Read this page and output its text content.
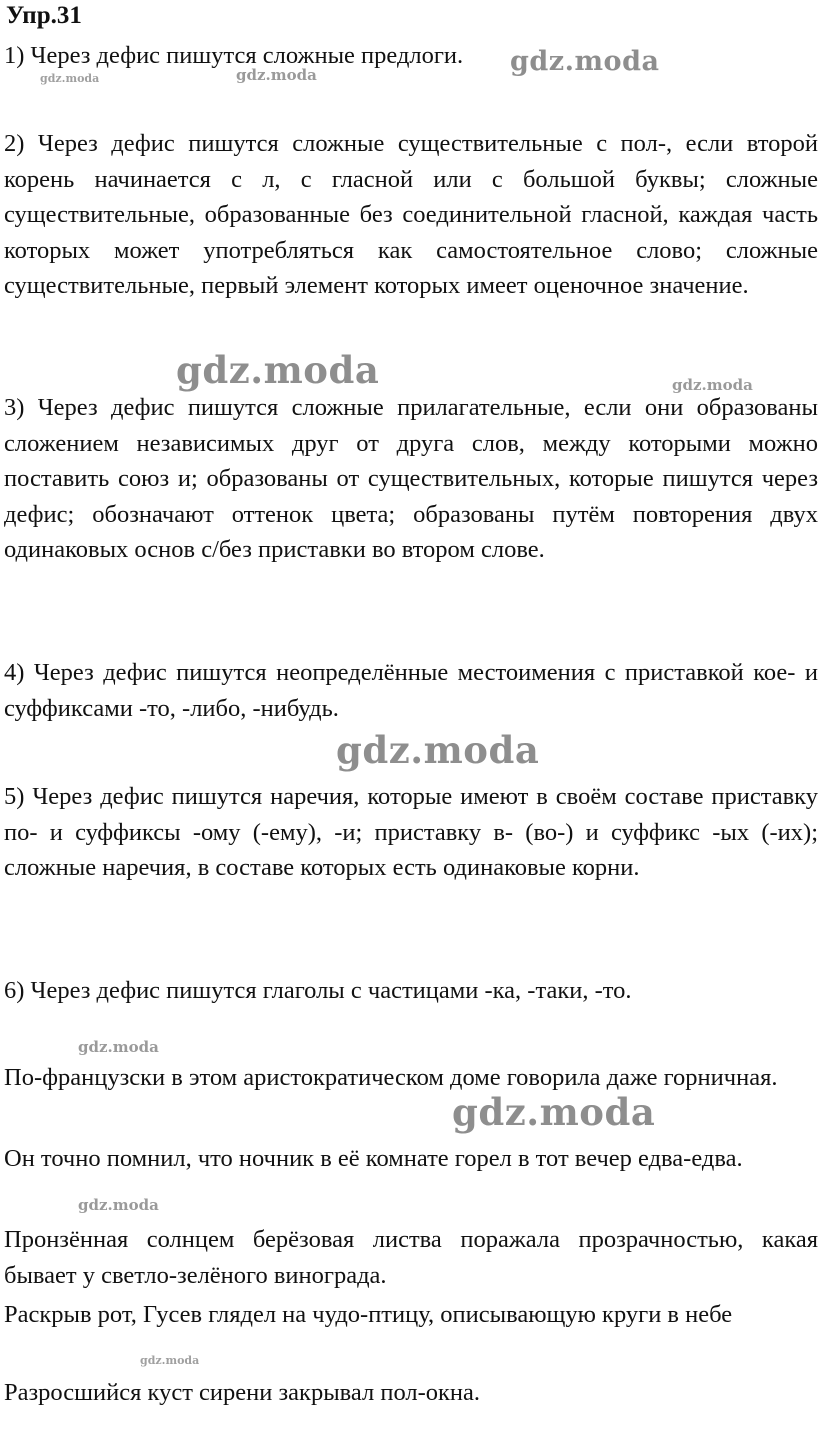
Упр.31
1) Через дефис пишутся сложные предлоги.
2) Через дефис пишутся сложные существительные с пол-, если второй корень начинается с л, с гласной или с большой буквы; сложные существительные, образованные без соединительной гласной, каждая часть которых может употребляться как самостоятельное слово; сложные существительные, первый элемент которых имеет оценочное значение.
3) Через дефис пишутся сложные прилагательные, если они образованы сложением независимых друг от друга слов, между которыми можно поставить союз и; образованы от существительных, которые пишутся через дефис; обозначают оттенок цвета; образованы путём повторения двух одинаковых основ с/без приставки во втором слове.
4) Через дефис пишутся неопределённые местоимения с приставкой кое- и суффиксами -то, -либо, -нибудь.
5) Через дефис пишутся наречия, которые имеют в своём составе приставку по- и суффиксы -ому (-ему), -и; приставку в- (во-) и суффикс -ых (-их); сложные наречия, в составе которых есть одинаковые корни.
6) Через дефис пишутся глаголы с частицами -ка, -таки, -то.
По-французски в этом аристократическом доме говорила даже горничная.
Он точно помнил, что ночник в её комнате горел в тот вечер едва-едва.
Пронзённая солнцем берёзовая листва поражала прозрачностью, какая бывает у светло-зелёного винограда.
Раскрыв рот, Гусев глядел на чудо-птицу, описывающую круги в небе
Разросшийся куст сирени закрывал пол-окна.
gdz.moda	gdz.moda	gdz.moda
gdz.moda	gdz.moda
gdz.moda
gdz.moda
gdz.moda
gdz.moda
gdz.moda
